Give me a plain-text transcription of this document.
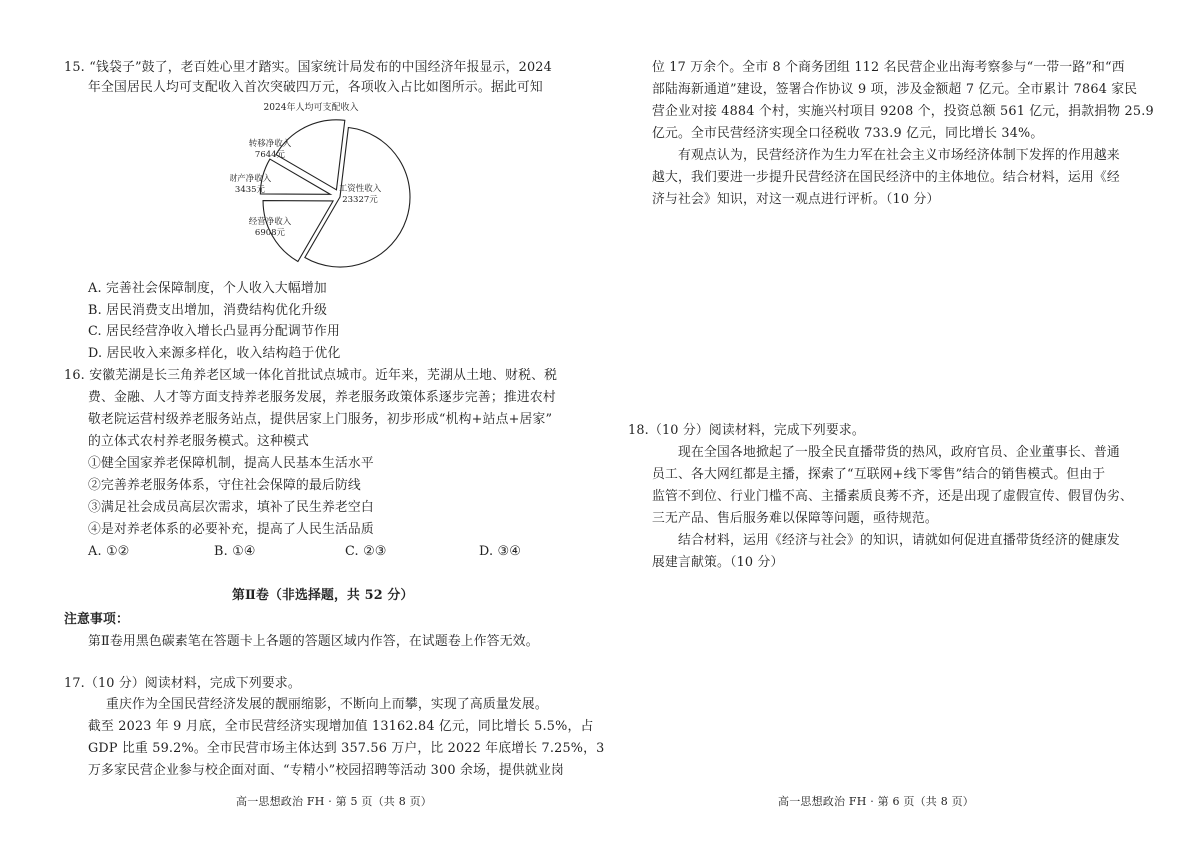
15. “钱袋子”鼓了，老百姓心里才踏实。国家统计局发布的中国经济年报显示，2024
年全国居民人均可支配收入首次突破四万元，各项收入占比如图所示。据此可知
2024年人均可支配收入
工资性收入
23327元
经营净收入
6908元
财产净收入
3435元
转移净收入
7644元
A. 完善社会保障制度，个人收入大幅增加
B. 居民消费支出增加，消费结构优化升级
C. 居民经营净收入增长凸显再分配调节作用
D. 居民收入来源多样化，收入结构趋于优化
16. 安徽芜湖是长三角养老区域一体化首批试点城市。近年来，芜湖从土地、财税、税
费、金融、人才等方面支持养老服务发展，养老服务政策体系逐步完善；推进农村
敬老院运营村级养老服务站点，提供居家上门服务，初步形成“机构+站点+居家”
的立体式农村养老服务模式。这种模式
①健全国家养老保障机制，提高人民基本生活水平
②完善养老服务体系，守住社会保障的最后防线
③满足社会成员高层次需求，填补了民生养老空白
④是对养老体系的必要补充，提高了人民生活品质
A. ①②	B. ①④	C. ②③	D. ③④
第Ⅱ卷（非选择题，共 52 分）
注意事项：
第Ⅱ卷用黑色碳素笔在答题卡上各题的答题区域内作答，在试题卷上作答无效。
17.（10 分）阅读材料，完成下列要求。
重庆作为全国民营经济发展的靓丽缩影，不断向上而攀，实现了高质量发展。
截至 2023 年 9 月底，全市民营经济实现增加值 13162.84 亿元，同比增长 5.5%，占
GDP 比重 59.2%。全市民营市场主体达到 357.56 万户，比 2022 年底增长 7.25%，3
万多家民营企业参与校企面对面、“专精小”校园招聘等活动 300 余场，提供就业岗
高一思想政治 FH · 第 5 页（共 8 页）
位 17 万余个。全市 8 个商务团组 112 名民营企业出海考察参与“一带一路”和“西
部陆海新通道”建设，签署合作协议 9 项，涉及金额超 7 亿元。全市累计 7864 家民
营企业对接 4884 个村，实施兴村项目 9208 个，投资总额 561 亿元，捐款捐物 25.9
亿元。全市民营经济实现全口径税收 733.9 亿元，同比增长 34%。
有观点认为，民营经济作为生力军在社会主义市场经济体制下发挥的作用越来
越大，我们要进一步提升民营经济在国民经济中的主体地位。结合材料，运用《经
济与社会》知识，对这一观点进行评析。（10 分）
18.（10 分）阅读材料，完成下列要求。
现在全国各地掀起了一股全民直播带货的热风，政府官员、企业董事长、普通
员工、各大网红都是主播，探索了“互联网+线下零售”结合的销售模式。但由于
监管不到位、行业门槛不高、主播素质良莠不齐，还是出现了虚假宣传、假冒伪劣、
三无产品、售后服务难以保障等问题，亟待规范。
结合材料，运用《经济与社会》的知识，请就如何促进直播带货经济的健康发
展建言献策。（10 分）
高一思想政治 FH · 第 6 页（共 8 页）
